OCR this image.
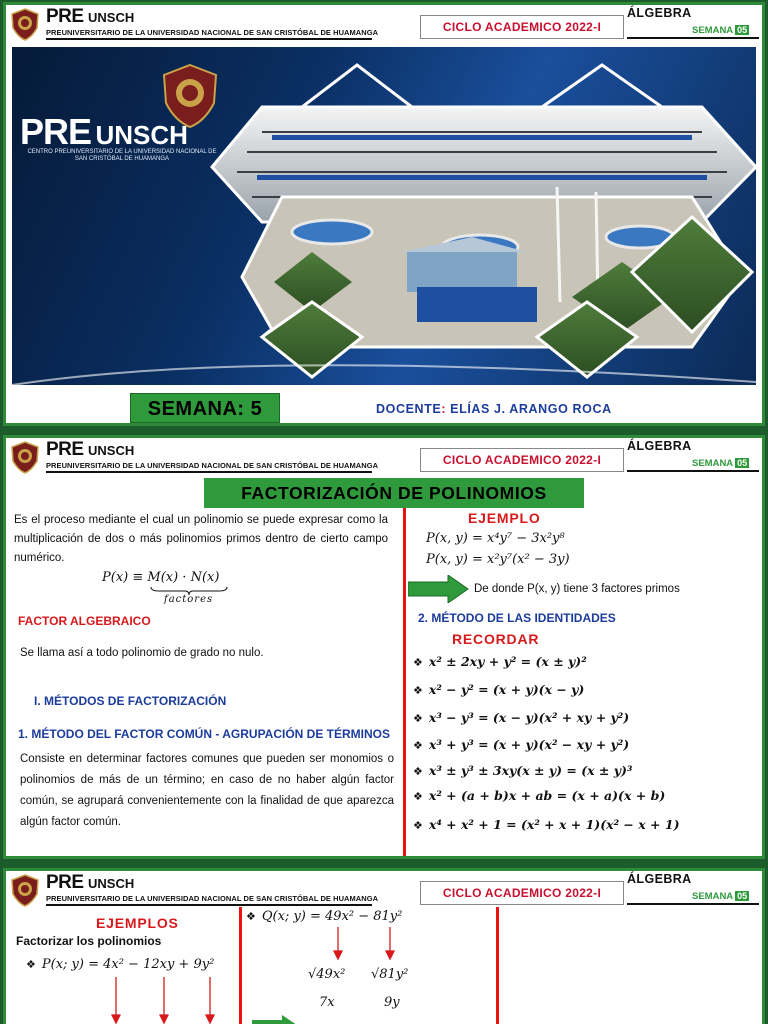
PRE UNSCH
PREUNIVERSITARIO DE LA UNIVERSIDAD NACIONAL DE SAN CRISTÓBAL DE HUAMANGA	CICLO ACADEMICO 2022-I
ÁLGEBRA
SEMANA 05
PRE UNSCH
CENTRO PREUNIVERSITARIO DE LA UNIVERSIDAD NACIONAL DE SAN CRISTÓBAL DE HUAMANGA
SEMANA: 5	DOCENTE: ELÍAS J. ARANGO ROCA
PRE UNSCH
PREUNIVERSITARIO DE LA UNIVERSIDAD NACIONAL DE SAN CRISTÓBAL DE HUAMANGA	CICLO ACADEMICO 2022-I
ÁLGEBRA
SEMANA 05
FACTORIZACIÓN DE POLINOMIOS
Es el proceso mediante el cual un polinomio se puede expresar como la multiplicación de dos o más polinomios primos dentro de cierto campo numérico.
P(x) ≡ M(x) · N(x)
factores
FACTOR ALGEBRAICO
Se llama así a todo polinomio de grado no nulo.
I. MÉTODOS DE FACTORIZACIÓN
1. MÉTODO DEL FACTOR COMÚN - AGRUPACIÓN DE TÉRMINOS
Consiste en determinar factores comunes que pueden ser monomios o polinomios de más de un término; en caso de no haber algún factor común, se agrupará convenientemente con la finalidad de que aparezca algún factor común.
EJEMPLO
P(x, y) = x⁴y⁷ − 3x²y⁸
P(x, y) = x²y⁷(x² − 3y)
De donde P(x, y) tiene 3 factores primos
2. MÉTODO DE LAS IDENTIDADES
RECORDAR
❖ x² ± 2xy + y² = (x ± y)²
❖ x² − y² = (x + y)(x − y)
❖ x³ − y³ = (x − y)(x² + xy + y²)
❖ x³ + y³ = (x + y)(x² − xy + y²)
❖ x³ ± y³ ± 3xy(x ± y) = (x ± y)³
❖ x² + (a + b)x + ab = (x + a)(x + b)
❖ x⁴ + x² + 1 = (x² + x + 1)(x² − x + 1)
PRE UNSCH
PREUNIVERSITARIO DE LA UNIVERSIDAD NACIONAL DE SAN CRISTÓBAL DE HUAMANGA	CICLO ACADEMICO 2022-I
ÁLGEBRA
SEMANA 05
EJEMPLOS
Factorizar los polinomios
❖ P(x; y) = 4x² − 12xy + 9y²
❖ Q(x; y) = 49x² − 81y²
√49x² √81y²
7x	9y
